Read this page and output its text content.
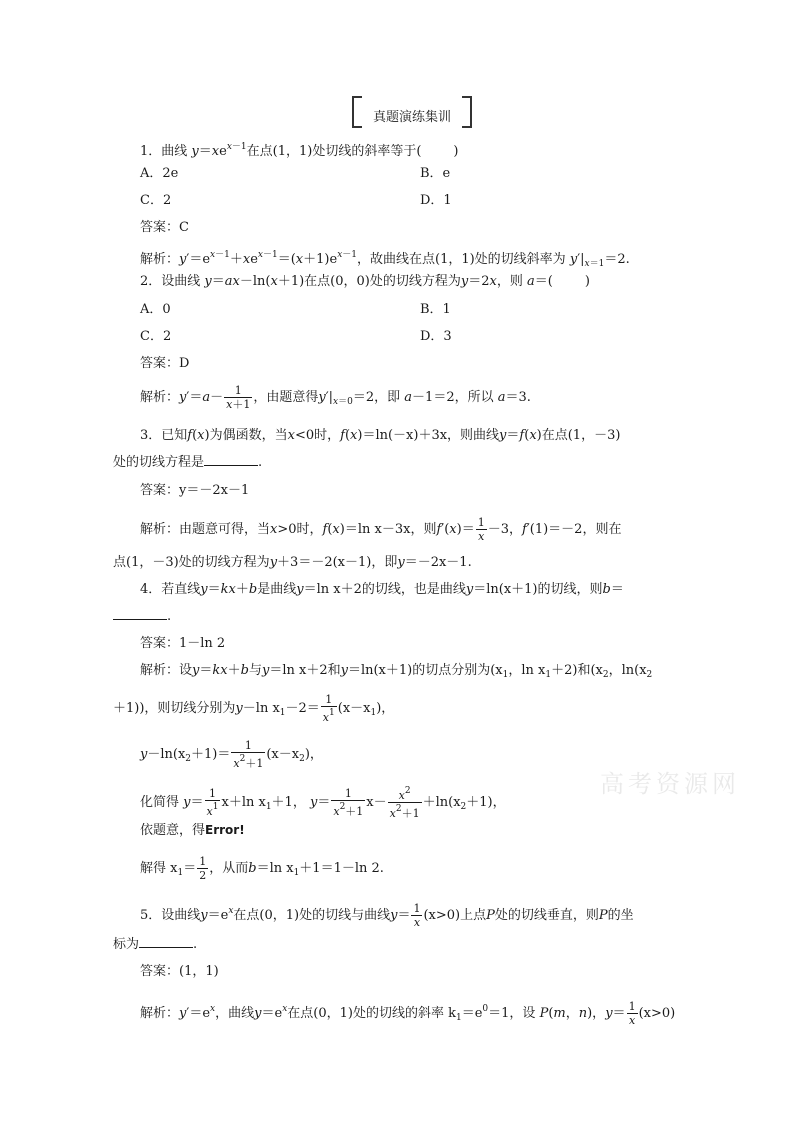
真题演练集训
高考资源网
1．曲线 $y=xe^{x-1}$在点(1，1)处切线的斜率等于( )
A．2e	B．e
C．2	D．1
答案：C
解析：$y'=e^{x-1}+xe^{x-1}=(x+1)e^{x-1}$，故曲线在点(1，1)处的切线斜率为 $y'|_{x=1}=2$.
2．设曲线 y＝ax－ln(x＋1)在点(0，0)处的切线方程为y＝2x，则 a＝( )
A．0	B．1
C．2	D．3
答案：D
解析：$y'=a- \frac{1}{x+1}$ ，由题意得$y'|_{x=0}=2$，即 a－1＝2，所以 a＝3.
3．已知f(x)为偶函数，当x<0时，f(x)＝ln(－x)＋3x，则曲线y＝f(x)在点(1，－3)
处的切线方程是	.
答案：y＝－2x－1
解析：由题意可得，当x>0时，f(x)＝ln x－3x，则$f'(x)= \frac{1}{x} -3$，f′(1)＝－2，则在
点(1，－3)处的切线方程为y＋3＝－2(x－1)，即y＝－2x－1.
4．若直线y＝kx＋b是曲线y＝ln x＋2的切线，也是曲线y＝ln(x＋1)的切线，则b＝
.
答案：1－ln 2
解析：设y＝kx＋b与y＝ln x＋2和y＝ln(x＋1)的切点分别为($x_1$，$\ln x_1+2$)和($x_2$，$\ln(x_2$
＋1))，则切线分别为y－ln $x_1-2= \frac{1}{x^1} (x-x_1)$，
$y-\ln(x_2+1)= \frac{1}{x^2+1} (x-x_2)$，
化简得 $y= \frac{1}{x^1} x+\ln$ $x_1+1$， $y= \frac{1}{x^2+1} x- \frac{x^2}{x^2+1} +\ln(x_2+1)$，
依题意，得Error!
解得 $x_1= \frac{1}{2}$ ，从而b＝ln $x_1+1=1-\ln$ 2.
5．设曲线$y=e^x$在点(0，1)处的切线与曲线$y= \frac{1}{x} (x>0)$上点P处的切线垂直，则P的坐
标为	.
答案：(1，1)
解析：$y'=e^x$，曲线$y=e^x$在点(0，1)处的切线的斜率 $k_1=e^0=1$，设 P(m，n)，$y= \frac{1}{x} (x>0)$
